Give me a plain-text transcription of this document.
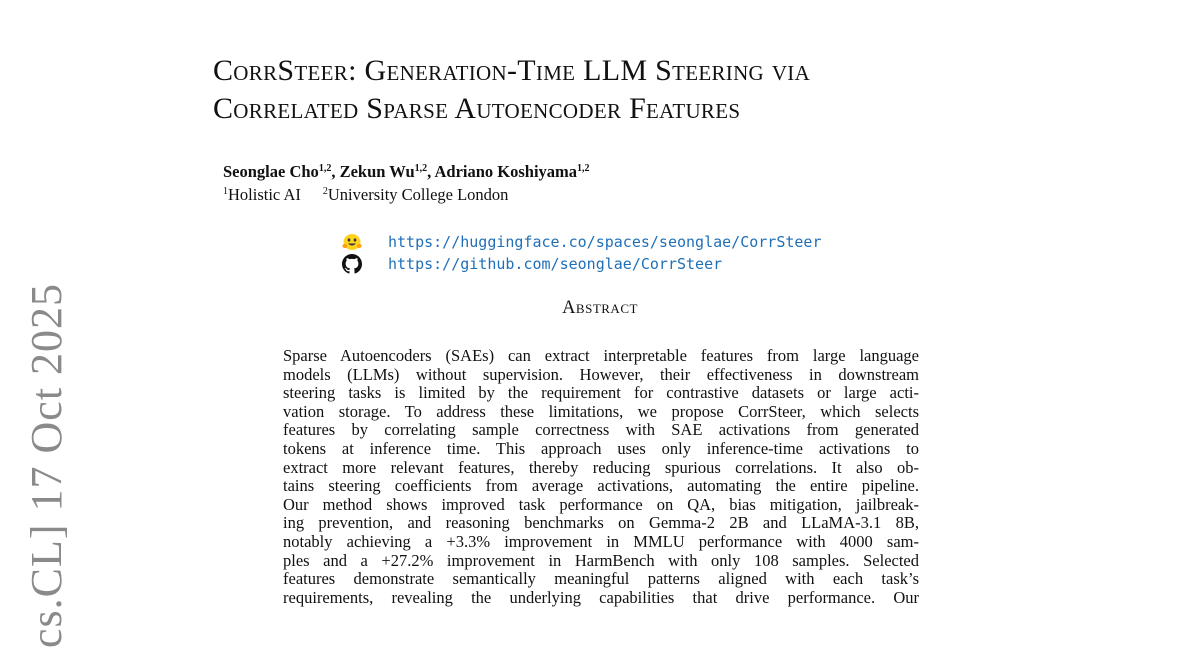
cs.CL] 17 Oct 2025
CorrSteer: Generation-Time LLM Steering via
Correlated Sparse Autoencoder Features
Seonglae Cho$^{1,2}$, Zekun Wu$^{1,2}$, Adriano Koshiyama$^{1,2}$
$^1$Holistic AI $^2$University College London
https://huggingface.co/spaces/seonglae/CorrSteer
https://github.com/seonglae/CorrSteer
Abstract
Sparse Autoencoders (SAEs) can extract interpretable features from large language
models (LLMs) without supervision. However, their effectiveness in downstream
steering tasks is limited by the requirement for contrastive datasets or large acti-
vation storage. To address these limitations, we propose CorrSteer, which selects
features by correlating sample correctness with SAE activations from generated
tokens at inference time. This approach uses only inference-time activations to
extract more relevant features, thereby reducing spurious correlations. It also ob-
tains steering coefficients from average activations, automating the entire pipeline.
Our method shows improved task performance on QA, bias mitigation, jailbreak-
ing prevention, and reasoning benchmarks on Gemma-2 2B and LLaMA-3.1 8B,
notably achieving a +3.3% improvement in MMLU performance with 4000 sam-
ples and a +27.2% improvement in HarmBench with only 108 samples. Selected
features demonstrate semantically meaningful patterns aligned with each task’s
requirements, revealing the underlying capabilities that drive performance. Our
